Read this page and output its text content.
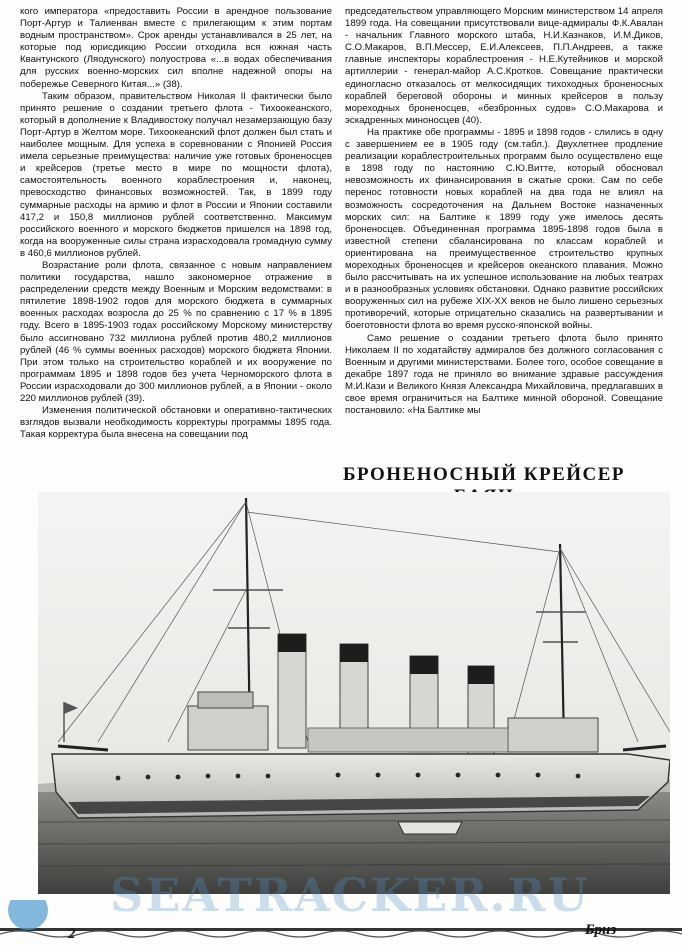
кого императора «предоставить России в арендное пользование Порт-Артур и Талиенван вместе с прилегающим к этим портам водным пространством». Срок аренды устанавливался в 25 лет, на которые под юрисдикцию России отходила вся южная часть Квантунского (Ляодунского) полуострова «...в водах обеспечивания для русских военно-морских сил вполне надежной опоры на побережье Северного Китая...» (38).

Таким образом, правительством Николая II фактически было принято решение о создании третьего флота - Тихоокеанского, который в дополнение к Владивостоку получал незамерзающую базу Порт-Артур в Желтом море. Тихоокеанский флот должен был стать и наиболее мощным. Для успеха в соревновании с Японией Россия имела серьезные преимущества: наличие уже готовых броненосцев и крейсеров (третье место в мире по мощности флота), самостоятельность военного кораблестроения и, наконец, превосходство финансовых возможностей. Так, в 1899 году суммарные расходы на армию и флот в России и Японии составили 417,2 и 150,8 миллионов рублей соответственно. Максимум российского военного и морского бюджетов пришелся на 1898 год, когда на вооруженные силы страна израсходовала громадную сумму в 460,6 миллионов рублей.

Возрастание роли флота, связанное с новым направлением политики государства, нашло закономерное отражение в распределении средств между Военным и Морским ведомствами: в пятилетие 1898-1902 годов для морского бюджета в суммарных военных расходах возросла до 25 % по сравнению с 17 % в 1895 году. Всего в 1895-1903 годах российскому Морскому министерству было ассигновано 732 миллиона рублей против 480,2 миллионов рублей (46 % суммы военных расходов) морского бюджета Японии. При этом только на строительство кораблей и их вооружение по программам 1895 и 1898 годов без учета Черноморского флота в России израсходовали до 300 миллионов рублей, а в Японии - около 220 миллионов рублей (39).

Изменения политической обстановки и оперативно-тактических взглядов вызвали необходимость корректуры программы 1895 года. Такая корректура была внесена на совещании под

председательством управляющего Морским министерством 14 апреля 1899 года. На совещании присутствовали вице-адмиралы Ф.К.Авалан - начальник Главного морского штаба, Н.И.Казнаков, И.М.Диков, С.О.Макаров, В.П.Мессер, Е.И.Алексеев, П.П.Андреев, а также главные инспекторы кораблестроения - Н.Е.Кутейников и морской артиллерии - генерал-майор А.С.Кротков. Совещание практически единогласно отказалось от мелкосидящих тихоходных броненосных кораблей береговой обороны и минных крейсеров в пользу мореходных броненосцев, «безбронных судов» С.О.Макарова и эскадренных миноносцев (40).

На практике обе программы - 1895 и 1898 годов - слились в одну с завершением ее в 1905 году (см.табл.). Двухлетнее продление реализации кораблестроительных программ было осуществлено еще в 1898 году по настоянию С.Ю.Витте, который обосновал невозможность их финансирования в сжатые сроки. Сам по себе перенос готовности новых кораблей на два года не влиял на возможность сосредоточения на Дальнем Востоке назначенных морских сил: на Балтике к 1899 году уже имелось десять броненосцев. Объединенная программа 1895-1898 годов была в известной степени сбалансирована по классам кораблей и ориентирована на преимущественное строительство крупных мореходных броненосцев и крейсеров океанского плавания. Можно было рассчитывать на их успешное использование на любых театрах и в разнообразных условиях обстановки. Однако развитие российских вооруженных сил на рубеже XIX-XX веков не было лишено серьезных противоречий, которые отрицательно сказались на развертывании и боеготовности флота во время русско-японской войны.

Само решение о создании третьего флота было принято Николаем II по ходатайству адмиралов без должного согласования с Военным и другими министерствами. Более того, особое совещание в декабре 1897 года не приняло во внимание здравые рассуждения М.И.Кази и Великого Князя Александра Михайловича, предлагавших в свое время ограничиться на Балтике минной обороной. Совещание постановило: «На Балтике мы

БРОНЕНОСНЫЙ КРЕЙСЕР
SEATRACKER.RU
2	Бриз
